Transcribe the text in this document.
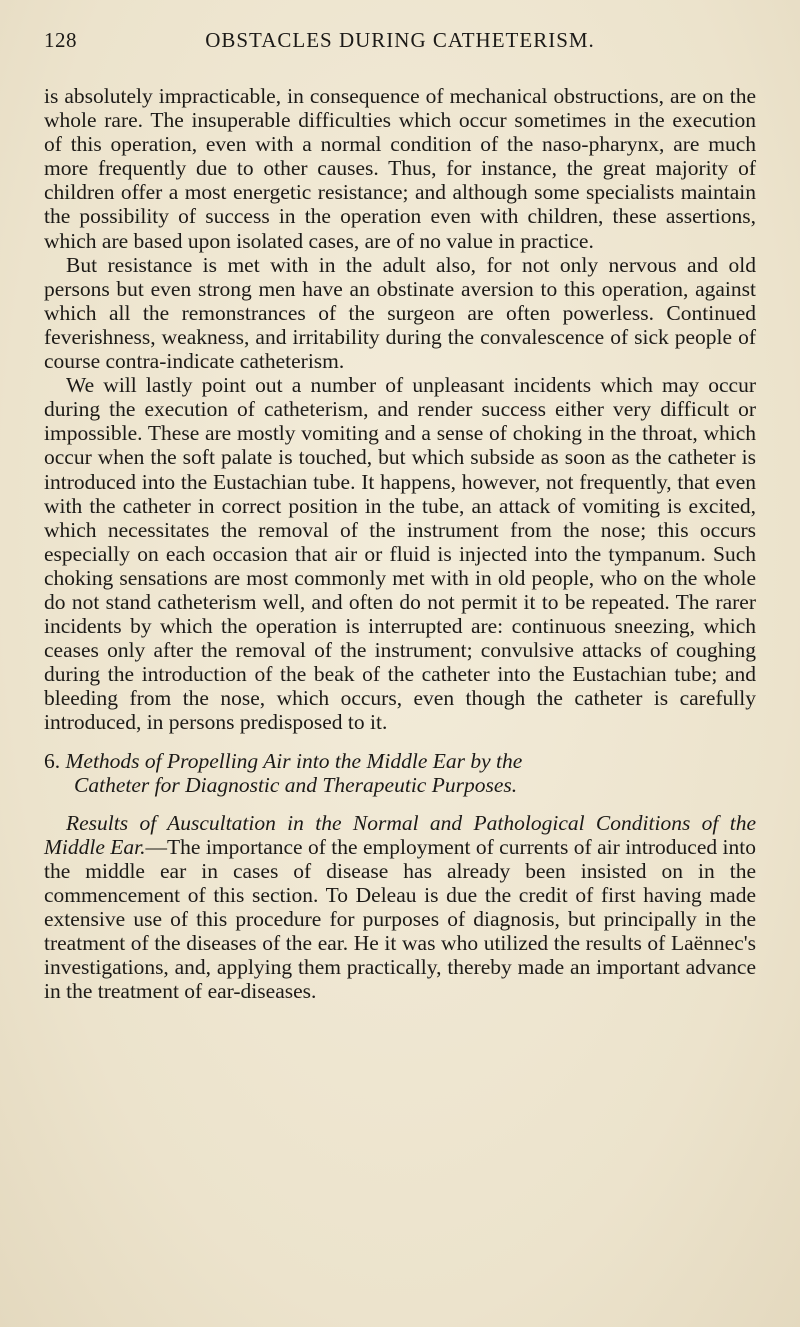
128	OBSTACLES DURING CATHETERISM.

is absolutely impracticable, in consequence of mechanical obstructions, are on the whole rare. The insuperable difficulties which occur sometimes in the execution of this operation, even with a normal condition of the naso-pharynx, are much more frequently due to other causes. Thus, for instance, the great majority of children offer a most energetic resistance; and although some specialists maintain the possibility of success in the operation even with children, these assertions, which are based upon isolated cases, are of no value in practice.

But resistance is met with in the adult also, for not only nervous and old persons but even strong men have an obstinate aversion to this operation, against which all the remonstrances of the surgeon are often powerless. Continued feverishness, weakness, and irritability during the convalescence of sick people of course contra-indicate catheterism.

We will lastly point out a number of unpleasant incidents which may occur during the execution of catheterism, and render success either very difficult or impossible. These are mostly vomiting and a sense of choking in the throat, which occur when the soft palate is touched, but which subside as soon as the catheter is introduced into the Eustachian tube. It happens, however, not frequently, that even with the catheter in correct position in the tube, an attack of vomiting is excited, which necessitates the removal of the instrument from the nose; this occurs especially on each occasion that air or fluid is injected into the tympanum. Such choking sensations are most commonly met with in old people, who on the whole do not stand catheterism well, and often do not permit it to be repeated. The rarer incidents by which the operation is interrupted are: continuous sneezing, which ceases only after the removal of the instrument; convulsive attacks of coughing during the introduction of the beak of the catheter into the Eustachian tube; and bleeding from the nose, which occurs, even though the catheter is carefully introduced, in persons predisposed to it.

6. Methods of Propelling Air into the Middle Ear by the
Catheter for Diagnostic and Therapeutic Purposes.

Results of Auscultation in the Normal and Pathological Conditions of the Middle Ear.—The importance of the employment of currents of air introduced into the middle ear in cases of disease has already been insisted on in the commencement of this section. To Deleau is due the credit of first having made extensive use of this procedure for purposes of diagnosis, but principally in the treatment of the diseases of the ear. He it was who utilized the results of Laënnec's investigations, and, applying them practically, thereby made an important advance in the treatment of ear-diseases.
